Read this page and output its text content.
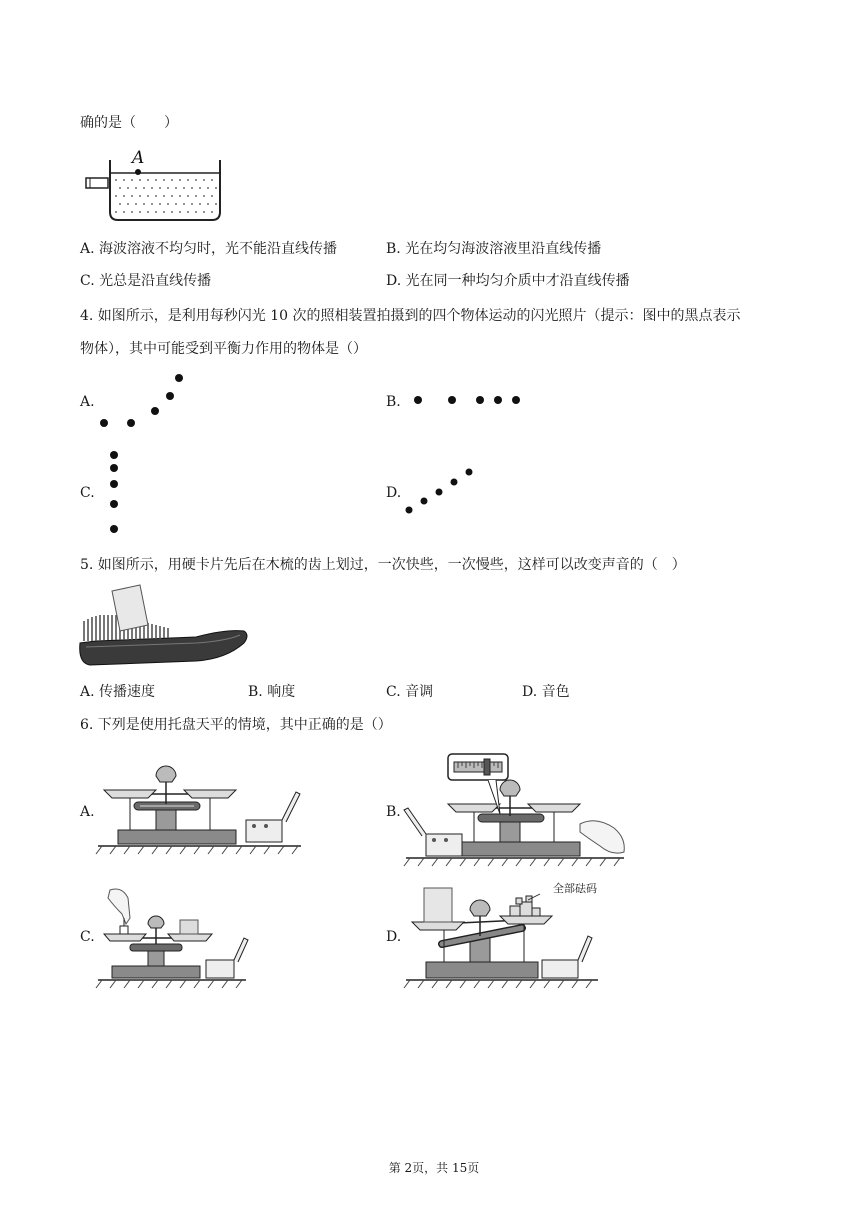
确的是（　　）
A
A. 海波溶液不均匀时，光不能沿直线传播	B. 光在均匀海波溶液里沿直线传播
C. 光总是沿直线传播	D. 光在同一种均匀介质中才沿直线传播
4. 如图所示，是利用每秒闪光 10 次的照相装置拍摄到的四个物体运动的闪光照片（提示：图中的黑点表示
物体），其中可能受到平衡力作用的物体是（）
A.	B.
C.	D.
5. 如图所示，用硬卡片先后在木梳的齿上划过，一次快些，一次慢些，这样可以改变声音的（　）
A. 传播速度	B. 响度	C. 音调	D. 音色
6. 下列是使用托盘天平的情境，其中正确的是（）
A.	B.
C.	D.
全部砝码
第 2页，共 15页
